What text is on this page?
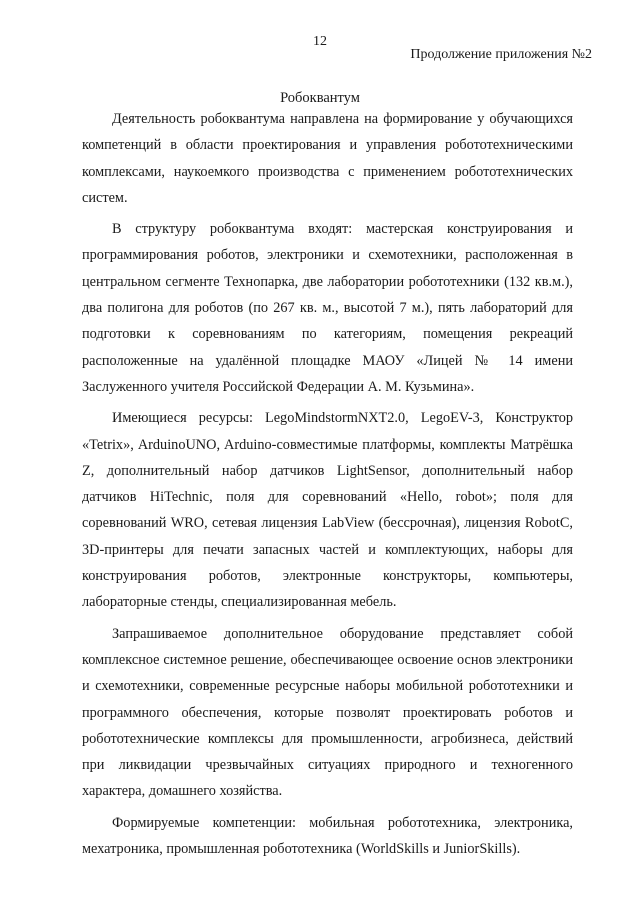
12
Продолжение приложения №2
Робоквантум

Деятельность робоквантума направлена на формирование у обучающихся компетенций в области проектирования и управления робототехническими комплексами, наукоемкого производства с применением робототехнических систем.

В структуру робоквантума входят: мастерская конструирования и программирования роботов, электроники и схемотехники, расположенная в центральном сегменте Технопарка, две лаборатории робототехники (132 кв.м.), два полигона для роботов (по 267 кв. м., высотой 7 м.), пять лабораторий для подготовки к соревнованиям по категориям, помещения рекреаций расположенные на удалённой площадке МАОУ «Лицей № 14 имени Заслуженного учителя Российской Федерации А. М. Кузьмина».

Имеющиеся ресурсы: LegoMindstormNXT2.0, LegoEV-3, Конструктор «Tetrix», ArduinoUNO, Arduino-совместимые платформы, комплекты Матрёшка Z, дополнительный набор датчиков LightSensor, дополнительный набор датчиков HiTechnic, поля для соревнований «Hello, robot»; поля для соревнований WRO, сетевая лицензия LabView (бессрочная), лицензия RobotC, 3D-принтеры для печати запасных частей и комплектующих, наборы для конструирования роботов, электронные конструкторы, компьютеры, лабораторные стенды, специализированная мебель.

Запрашиваемое дополнительное оборудование представляет собой комплексное системное решение, обеспечивающее освоение основ электроники и схемотехники, современные ресурсные наборы мобильной робототехники и программного обеспечения, которые позволят проектировать роботов и робототехнические комплексы для промышленности, агробизнеса, действий при ликвидации чрезвычайных ситуациях природного и техногенного характера, домашнего хозяйства.

Формируемые компетенции: мобильная робототехника, электроника, мехатроника, промышленная робототехника (WorldSkills и JuniorSkills).
